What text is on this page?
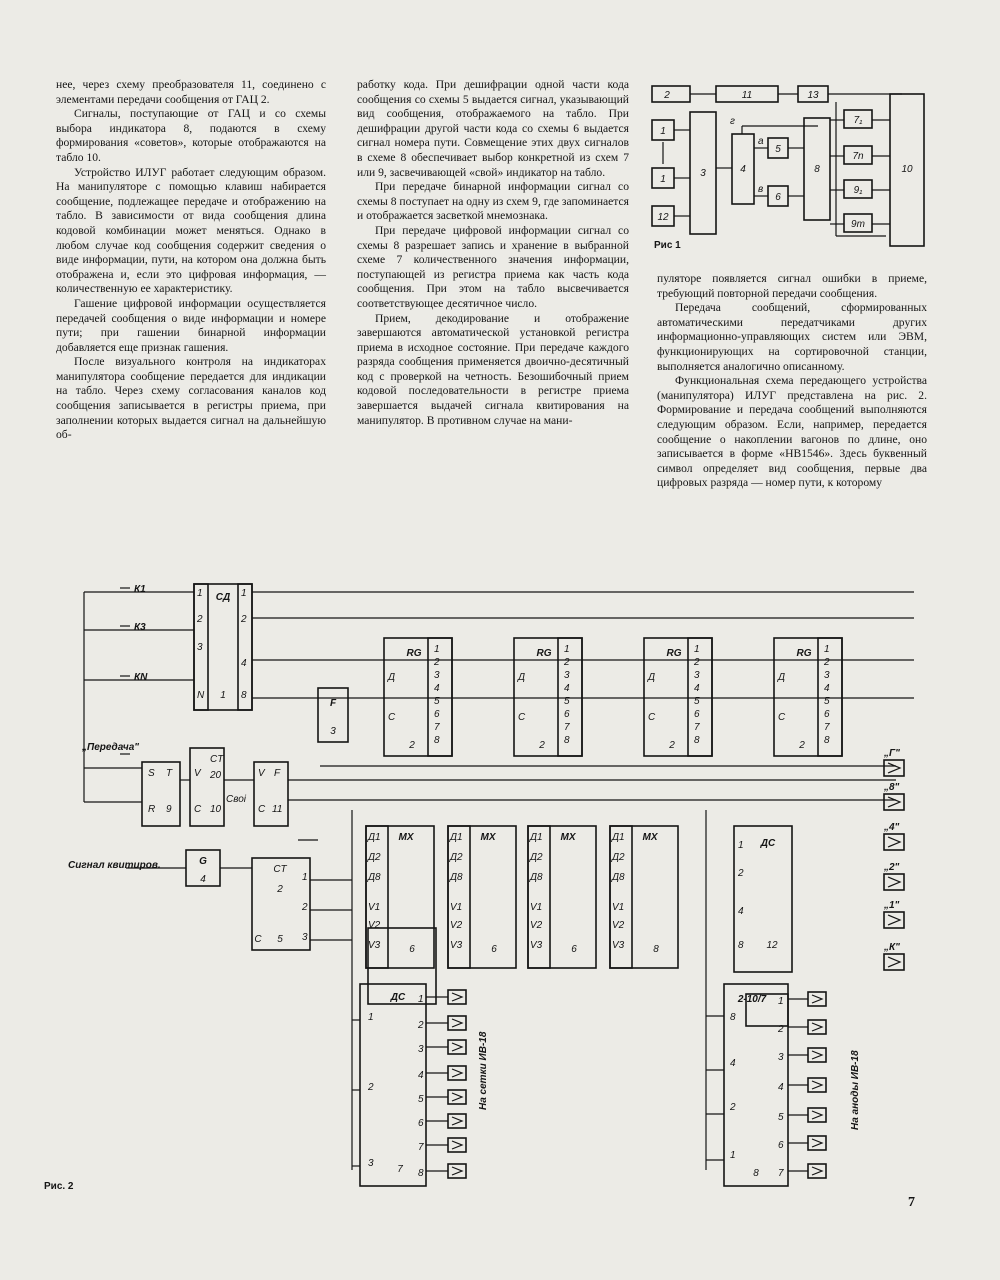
нее, через схему преобразователя 11, соединено с элементами передачи сообщения от ГАЦ 2.

Сигналы, поступающие от ГАЦ и со схемы выбора индикатора 8, подаются в схему формирования «советов», которые отображаются на табло 10.

Устройство ИЛУГ работает следующим образом. На манипуляторе с помощью клавиш набирается сообщение, подлежащее передаче и отображению на табло. В зависимости от вида сообщения длина кодовой комбинации может меняться. Однако в любом случае код сообщения содержит сведения о виде информации, пути, на котором она должна быть отображена и, если это цифровая информация, — количественную ее характеристику.

Гашение цифровой информации осуществляется передачей сообщения о виде информации и номере пути; при гашении бинарной информации добавляется еще признак гашения.

После визуального контроля на индикаторах манипулятора сообщение передается для индикации на табло. Через схему согласования каналов код сообщения записывается в регистры приема, при заполнении которых выдается сигнал на дальнейшую об-

работку кода. При дешифрации одной части кода сообщения со схемы 5 выдается сигнал, указывающий вид сообщения, отображаемого на табло. При дешифрации другой части кода со схемы 6 выдается сигнал номера пути. Совмещение этих двух сигналов в схеме 8 обеспечивает выбор конкретной из схем 7 или 9, засвечивающей «свой» индикатор на табло.

При передаче бинарной информации сигнал со схемы 8 поступает на одну из схем 9, где запоминается и отображается засветкой мнемознака.

При передаче цифровой информации сигнал со схемы 8 разрешает запись и хранение в выбранной схеме 7 количественного значения информации, поступающей из регистра приема как часть кода сообщения. При этом на табло высвечивается соответствующее десятичное число.

Прием, декодирование и отображение завершаются автоматической установкой регистра приема в исходное состояние. При передаче каждого разряда сообщения применяется двоично-десятичный код с проверкой на четность. Безошибочный прием кодовой последовательности в регистре приема завершается выдачей сигнала квитирования на манипулятор. В противном случае на мани-

пуляторе появляется сигнал ошибки в приеме, требующий повторной передачи сообщения.

Передача сообщений, сформированных автоматическими передатчиками других информационно-управляющих систем или ЭВМ, функционирующих на сортировочной станции, выполняется аналогично описанному.

Функциональная схема передающего устройства (манипулятора) ИЛУГ представлена на рис. 2. Формирование и передача сообщений выполняются следующим образом. Если, например, передается сообщение о накоплении вагонов по длине, оно записывается в форме «НВ1546». Здесь буквенный символ определяет вид сообщения, первые два цифровых разряда — номер пути, к которому

2	11	13
1
1
12
3	4
5
6
8
7₁
7n
9₁
9m
10
г
а
в
Рис 1
К1
К3
КN
„Передача"
Сигнал квитиров.
СД
1
2
3
N
1
2
4
8
1
F
3
RG
Д
С
1
2
3
4
5
6
7
8
2
RG
Д
С
1
2
3
4
5
6
7
8
2
RG
Д
С
1
2
3
4
5
6
7
8
2
RG
Д
С
1
2
3
4
5
6
7
8
2
S T
R 9
V
CT
20
C 10
Своі
V F
C 11
G
4
CT
2
C 5
1
2
3
MX
Д1
Д2
Д8
V1
V2
V3	6
MX
Д1
Д2
Д8
V1
V2
V3	6
MX
Д1
Д2
Д8
V1
V2
V3	6
MX
Д1
Д2
Д8
V1
V2
V3	8
ДС
1
2
4
8 12
„Г"
„8"
„4"
„2"
„1"
„К"
ДС
1
2
3
1
2
3
4
5
6
7
8
7
На сетки ИВ-18
2-10/7
8
4
2
1
1
2
3
4
5
6
7
8
На аноды ИВ-18
Рис. 2
7
